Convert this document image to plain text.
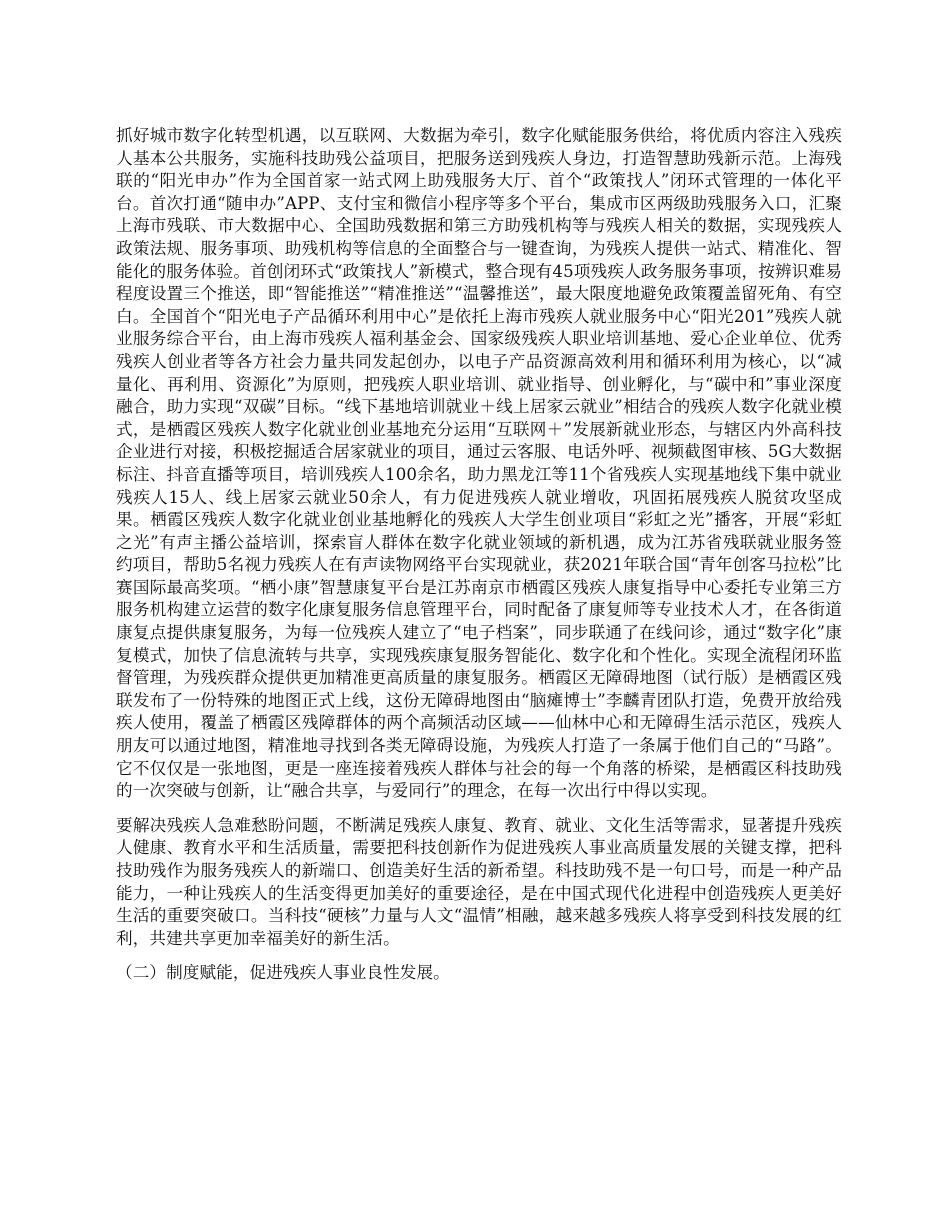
抓好城市数字化转型机遇，以互联网、大数据为牵引，数字化赋能服务供给，将优质内容注入残疾人基本公共服务，实施科技助残公益项目，把服务送到残疾人身边，打造智慧助残新示范。上海残联的“阳光申办”作为全国首家一站式网上助残服务大厅、首个“政策找人”闭环式管理的一体化平台。首次打通“随申办”APP、支付宝和微信小程序等多个平台，集成市区两级助残服务入口，汇聚上海市残联、市大数据中心、全国助残数据和第三方助残机构等与残疾人相关的数据，实现残疾人政策法规、服务事项、助残机构等信息的全面整合与一键查询，为残疾人提供一站式、精准化、智能化的服务体验。首创闭环式“政策找人”新模式，整合现有45项残疾人政务服务事项，按辨识难易程度设置三个推送，即“智能推送”“精准推送”“温馨推送”，最大限度地避免政策覆盖留死角、有空白。全国首个“阳光电子产品循环利用中心”是依托上海市残疾人就业服务中心“阳光201”残疾人就业服务综合平台，由上海市残疾人福利基金会、国家级残疾人职业培训基地、爱心企业单位、优秀残疾人创业者等各方社会力量共同发起创办，以电子产品资源高效利用和循环利用为核心，以“减量化、再利用、资源化”为原则，把残疾人职业培训、就业指导、创业孵化，与“碳中和”事业深度融合，助力实现“双碳”目标。“线下基地培训就业＋线上居家云就业”相结合的残疾人数字化就业模式，是栖霞区残疾人数字化就业创业基地充分运用“互联网＋”发展新就业形态，与辖区内外高科技企业进行对接，积极挖掘适合居家就业的项目，通过云客服、电话外呼、视频截图审核、5G大数据标注、抖音直播等项目，培训残疾人100余名，助力黑龙江等11个省残疾人实现基地线下集中就业残疾人15人、线上居家云就业50余人，有力促进残疾人就业增收，巩固拓展残疾人脱贫攻坚成果。栖霞区残疾人数字化就业创业基地孵化的残疾人大学生创业项目“彩虹之光”播客，开展“彩虹之光”有声主播公益培训，探索盲人群体在数字化就业领域的新机遇，成为江苏省残联就业服务签约项目，帮助5名视力残疾人在有声读物网络平台实现就业，获2021年联合国“青年创客马拉松”比赛国际最高奖项。“栖小康”智慧康复平台是江苏南京市栖霞区残疾人康复指导中心委托专业第三方服务机构建立运营的数字化康复服务信息管理平台，同时配备了康复师等专业技术人才，在各街道康复点提供康复服务，为每一位残疾人建立了“电子档案”，同步联通了在线问诊，通过“数字化”康复模式，加快了信息流转与共享，实现残疾康复服务智能化、数字化和个性化。实现全流程闭环监督管理，为残疾群众提供更加精准更高质量的康复服务。栖霞区无障碍地图（试行版）是栖霞区残联发布了一份特殊的地图正式上线，这份无障碍地图由“脑瘫博士”李麟青团队打造，免费开放给残疾人使用，覆盖了栖霞区残障群体的两个高频活动区域——仙林中心和无障碍生活示范区，残疾人朋友可以通过地图，精准地寻找到各类无障碍设施，为残疾人打造了一条属于他们自己的“马路”。它不仅仅是一张地图，更是一座连接着残疾人群体与社会的每一个角落的桥梁，是栖霞区科技助残的一次突破与创新，让“融合共享，与爱同行”的理念，在每一次出行中得以实现。

要解决残疾人急难愁盼问题，不断满足残疾人康复、教育、就业、文化生活等需求，显著提升残疾人健康、教育水平和生活质量，需要把科技创新作为促进残疾人事业高质量发展的关键支撑，把科技助残作为服务残疾人的新端口、创造美好生活的新希望。科技助残不是一句口号，而是一种产品能力，一种让残疾人的生活变得更加美好的重要途径，是在中国式现代化进程中创造残疾人更美好生活的重要突破口。当科技“硬核”力量与人文“温情”相融，越来越多残疾人将享受到科技发展的红利，共建共享更加幸福美好的新生活。

（二）制度赋能，促进残疾人事业良性发展。
